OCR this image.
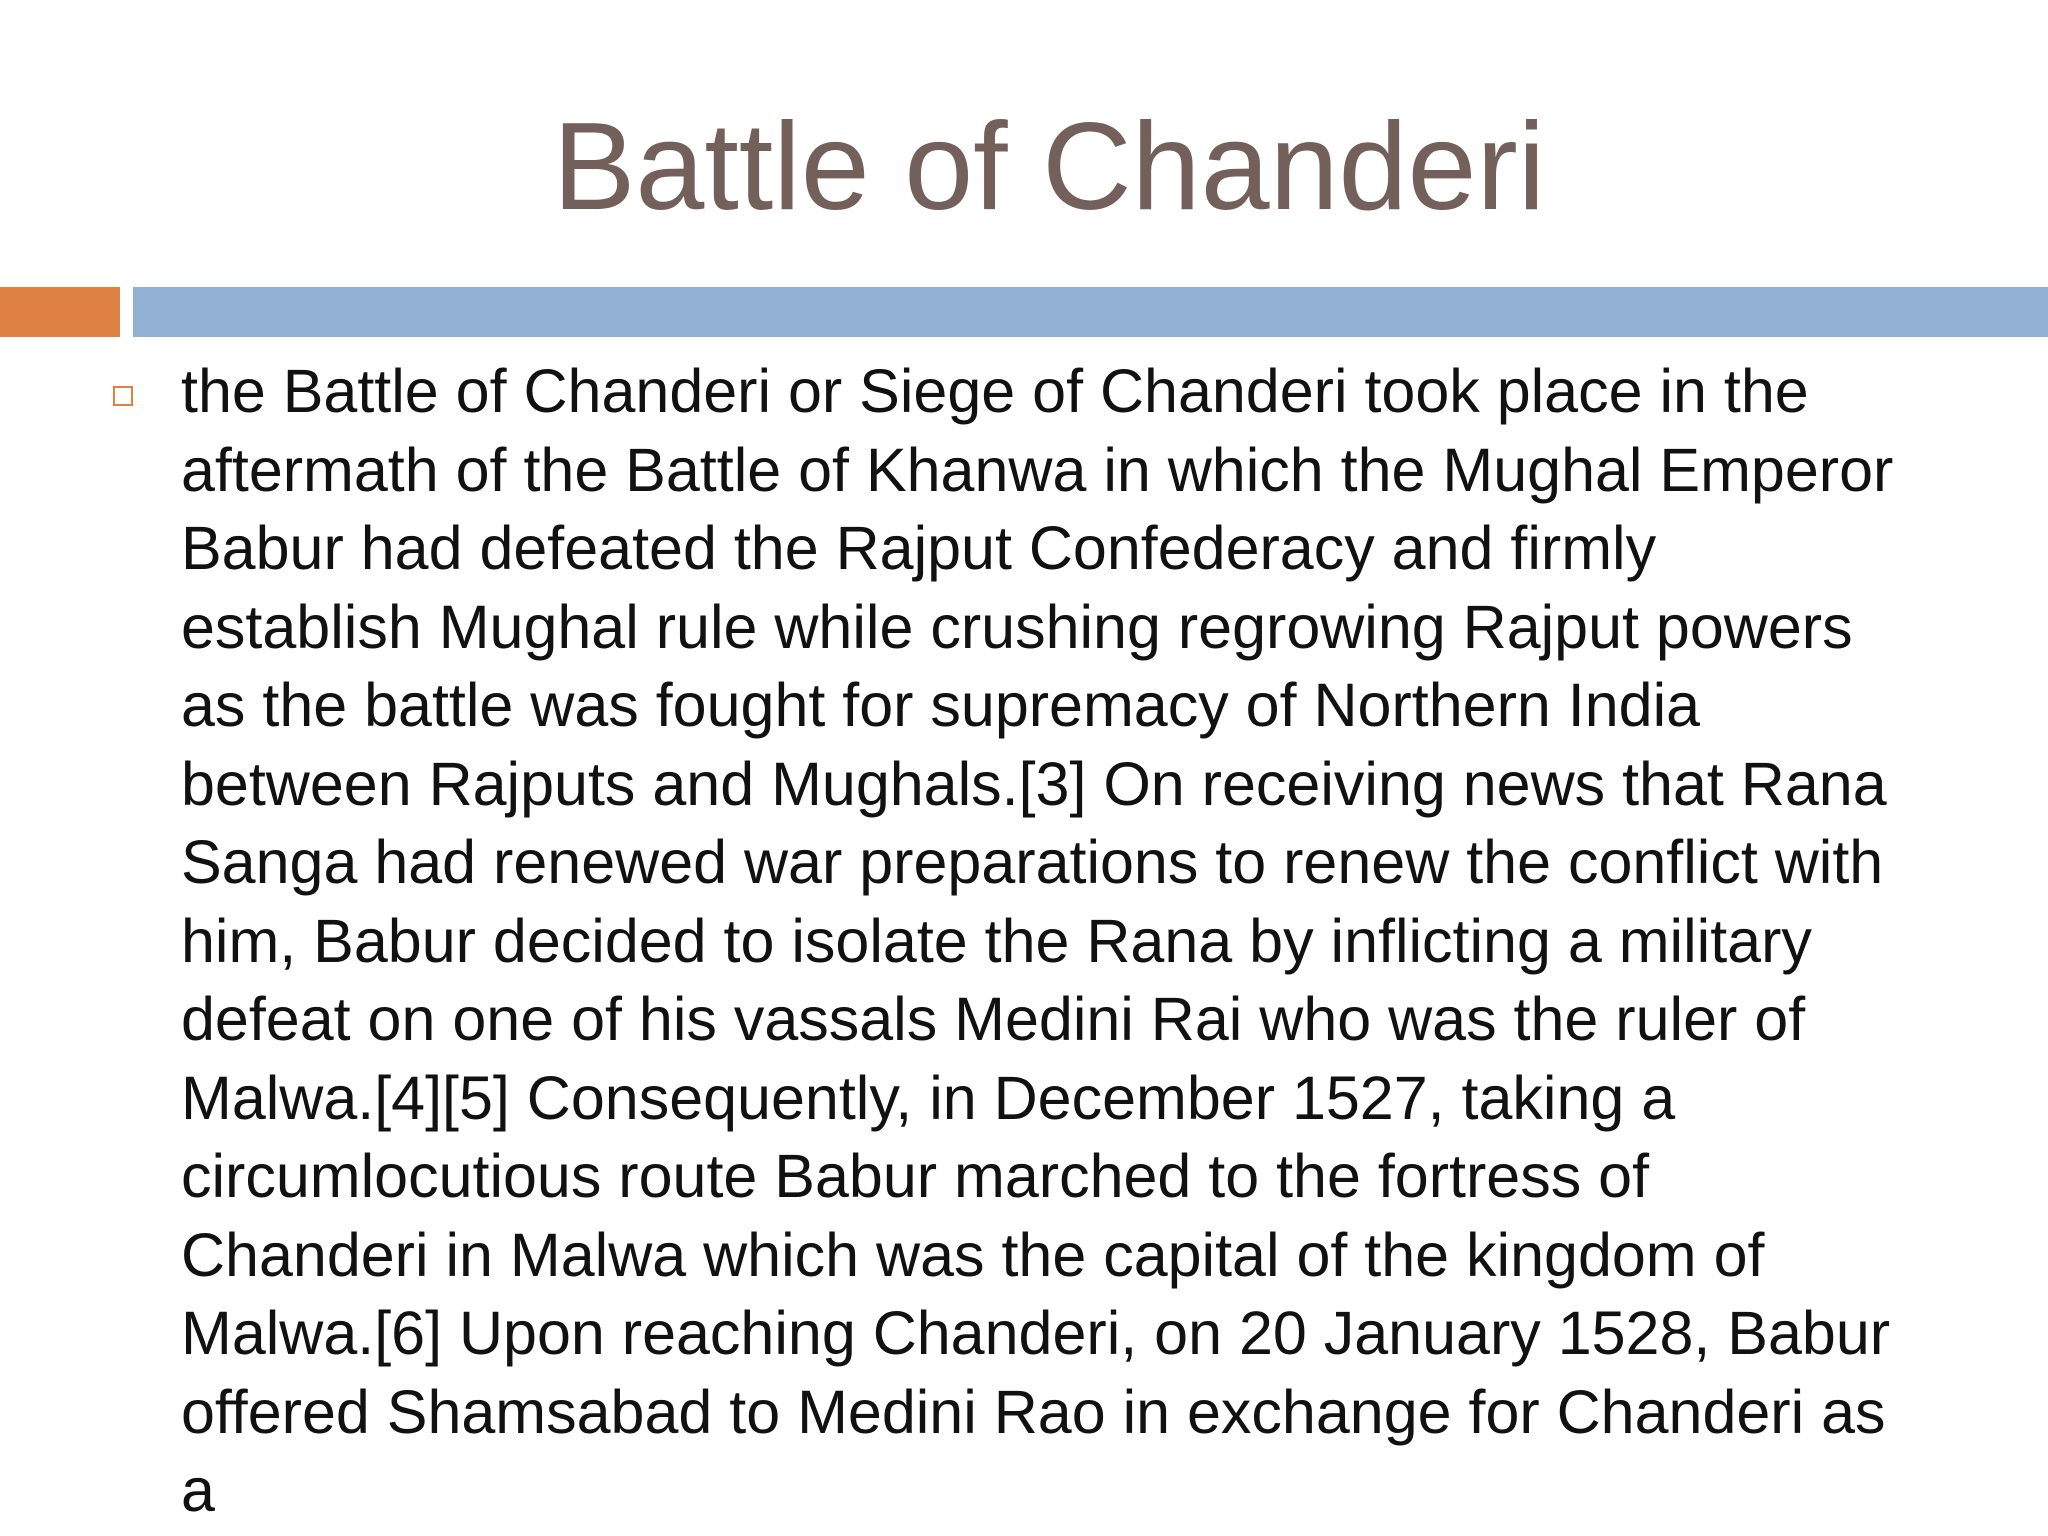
Battle of Chanderi

the Battle of Chanderi or Siege of Chanderi took place in the aftermath of the Battle of Khanwa in which the Mughal Emperor Babur had defeated the Rajput Confederacy and firmly establish Mughal rule while crushing regrowing Rajput powers as the battle was fought for supremacy of Northern India between Rajputs and Mughals.[3] On receiving news that Rana Sanga had renewed war preparations to renew the conflict with him, Babur decided to isolate the Rana by inflicting a military defeat on one of his vassals Medini Rai who was the ruler of Malwa.[4][5] Consequently, in December 1527, taking a circumlocutious route Babur marched to the fortress of Chanderi in Malwa which was the capital of the kingdom of Malwa.[6] Upon reaching Chanderi, on 20 January 1528, Babur offered Shamsabad to Medini Rao in exchange for Chanderi as a
